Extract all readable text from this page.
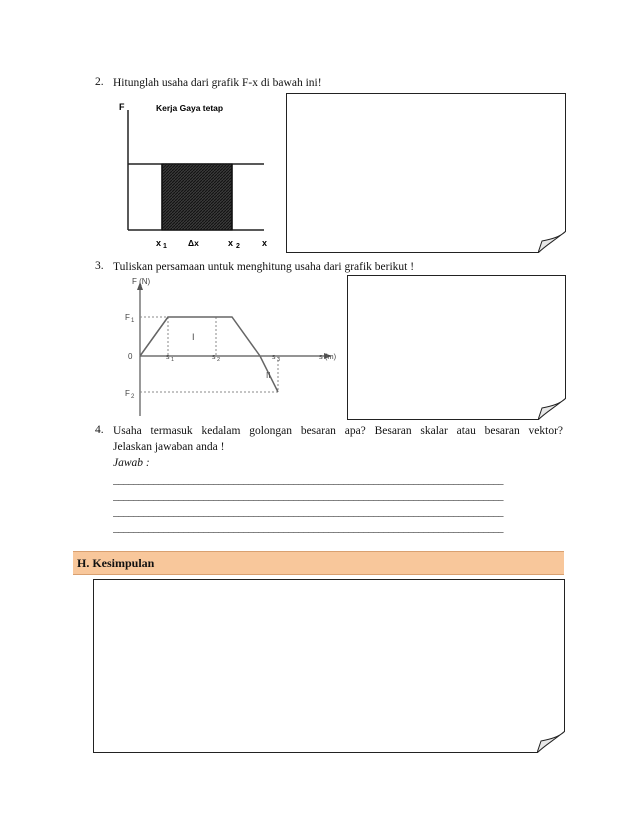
2. Hitunglah usaha dari grafik F-x di bawah ini!
F	Kerja Gaya tetap
x 1 Δx	x 2 x
3. Tuliskan persamaan untuk menghitung usaha dari grafik berikut !
F (N)
F 1
0
F 2
s 1	s 2	s 3	s (m)
I
II
4. Usaha termasuk kedalam golongan besaran apa? Besaran skalar atau besaran vektor?
Jelaskan jawaban anda !
Jawab :
______________________________________________________________________________
______________________________________________________________________________
______________________________________________________________________________
______________________________________________________________________________
H. Kesimpulan
